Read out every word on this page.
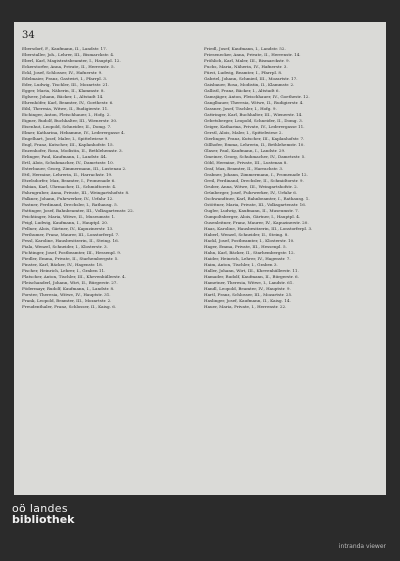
34

Ebersdorf, F., Kaufmann, II., Landstr. 17.

Eberstaller, Joh., Lehrer, III., Bismarckstr. 4.

Eberl, Karl, Magistratsbeamter, I., Hauptpl. 12.

Eckerstorfer, Anna, Private, II., Herrenstr. 5.

Eckl, Josef, Schlosser, IV., Hafnerstr. 9.

Edelmaier, Franz, Gastwirt, I., Pfarrpl. 3.

Eder, Ludwig, Tischler, III., Mozartstr. 21.

Egger, Maria, Näherin, II., Klammstr. 8.

Eglseer, Johann, Bäcker, I., Altstadt 14.

Ehrenhöfer, Karl, Beamter, IV., Goethestr. 6.

Eibl, Theresia, Witwe, II., Rudigierstr. 11.

Eichinger, Anton, Fleischhauer, I., Hofg. 2.

Eigner, Rudolf, Buchhalter, III., Wienerstr. 30.

Eisenhut, Leopold, Schneider, II., Domg. 7.

Elmer, Katharina, Hebamme, IV., Lederergasse 4.

Engelhart, Josef, Maler, I., Spittelwiese 9.

Engl, Franz, Kutscher, III., Kaplanhofstr. 15.

Enzenhofer, Rosa, Modistin, II., Bethlehemstr. 3.

Erlinger, Paul, Kaufmann, I., Landstr. 44.

Ertl, Alois, Schuhmacher, IV., Dametzstr. 10.

Esterbauer, Georg, Zimmermann, III., Lustenau 2.

Ettl, Hermine, Lehrerin, II., Harrachstr. 19.

Etzelsdorfer, Max, Beamter, I., Promenade 6.

Fabian, Karl, Uhrmacher, II., Schmidtorstr. 4.

Fahrngruber, Anna, Private, III., Weingartshofstr. 8.

Falkner, Johann, Fuhrwerker, IV., Urfahr 12.

Fastner, Ferdinand, Drechsler, I., Rathausg. 5.

Fattinger, Josef, Bahnbeamter, III., Volksgartenstr. 22.

Feichtinger, Maria, Witwe, II., Museumstr. 1.

Feigl, Ludwig, Kaufmann, I., Hauptpl. 20.

Fellner, Alois, Gärtner, IV., Kapuzinerstr. 13.

Ferihumer, Franz, Maurer, III., Lonstorferpl. 7.

Fessl, Karoline, Hausbesitzerin, II., Steing. 16.

Fiala, Wenzel, Schneider, I., Klosterstr. 3.

Fichtinger, Josef, Postbeamter, III., Hessenpl. 9.

Fiedler, Emma, Private, II., Starhembergstr. 5.

Finster, Karl, Bäcker, IV., Hagenstr. 18.

Fischer, Heinrich, Lehrer, I., Graben 11.

Flatscher, Anton, Tischler, III., Khevenhüllerstr. 4.

Fleischanderl, Johann, Wirt, II., Bürgerstr. 27.

Födermayr, Rudolf, Kaufmann, I., Landstr. 8.

Forster, Theresia, Witwe, IV., Hauptstr. 31.

Frank, Leopold, Beamter, III., Mozartstr. 2.

Freudenthaler, Franz, Schlosser, II., Kaisg. 6.

Friedl, Josef, Kaufmann, I., Landstr. 52.

Friesenecker, Anna, Private, II., Herrenstr. 14.

Fröhlich, Karl, Maler, III., Bismarckstr. 9.

Fuchs, Maria, Näherin, IV., Hafnerstr. 3.

Fürst, Ludwig, Beamter, I., Pfarrpl. 8.

Gabriel, Johann, Schmied, III., Mozartstr. 17.

Gaisbauer, Rosa, Modistin, II., Klammstr. 2.

Gallistl, Franz, Bäcker, I., Altstadt 6.

Gamsjäger, Anton, Fleischhauer, IV., Goethestr. 12.

Ganglbauer, Theresia, Witwe, II., Rudigierstr. 4.

Gassner, Josef, Tischler, I., Hofg. 9.

Gattringer, Karl, Buchhalter, III., Wienerstr. 14.

Gebetsberger, Leopold, Schneider, II., Domg. 3.

Geiger, Katharina, Private, IV., Lederergasse 11.

Gerstl, Alois, Maler, I., Spittelwiese 2.

Gierlinger, Franz, Kutscher, III., Kaplanhofstr. 7.

Gillhofer, Emma, Lehrerin, II., Bethlehemstr. 10.

Glaser, Paul, Kaufmann, I., Landstr. 29.

Gmeiner, Georg, Schuhmacher, IV., Dametzstr. 5.

Göbl, Hermine, Private, III., Lustenau 8.

Graf, Max, Beamter, II., Harrachstr. 3.

Grabner, Johann, Zimmermann, I., Promenade 12.

Greil, Ferdinand, Drechsler, II., Schmidtorstr. 9.

Gruber, Anna, Witwe, III., Weingartshofstr. 2.

Grünberger, Josef, Fuhrwerker, IV., Urfahr 6.

Gschwandtner, Karl, Bahnbeamter, I., Rathausg. 1.

Gstöttner, Maria, Private, III., Volksgartenstr. 16.

Gugler, Ludwig, Kaufmann, II., Museumstr. 7.

Gumpoltsberger, Alois, Gärtner, I., Hauptpl. 4.

Gusenleitner, Franz, Maurer, IV., Kapuzinerstr. 20.

Haas, Karoline, Hausbesitzerin, III., Lonstorferpl. 3.

Haberl, Wenzel, Schneider, II., Steing. 8.

Hackl, Josef, Postbeamter, I., Klosterstr. 10.

Hager, Emma, Private, III., Hessenpl. 5.

Hahn, Karl, Bäcker, II., Starhembergstr. 12.

Haider, Heinrich, Lehrer, IV., Hagenstr. 7.

Haim, Anton, Tischler, I., Graben 3.

Haller, Johann, Wirt, III., Khevenhüllerstr. 11.

Hamader, Rudolf, Kaufmann, II., Bürgerstr. 6.

Hametner, Theresia, Witwe, I., Landstr. 61.

Handl, Leopold, Beamter, IV., Hauptstr. 9.

Hartl, Franz, Schlosser, III., Mozartstr. 25.

Haslinger, Josef, Kaufmann, II., Kaisg. 14.

Hauer, Maria, Private, I., Herrenstr. 22.

oö landes
bibliothek
intranda viewer
